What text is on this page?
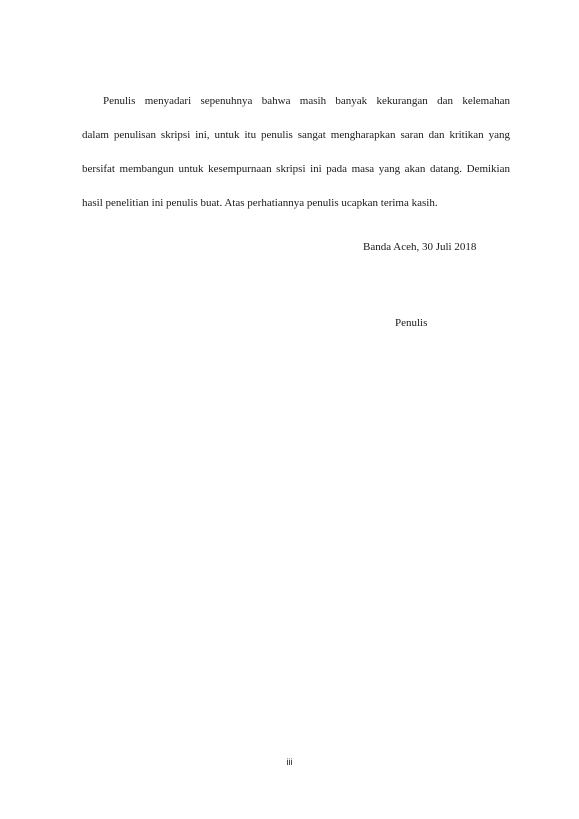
Penulis menyadari sepenuhnya bahwa masih banyak kekurangan dan kelemahan

dalam penulisan skripsi ini, untuk itu penulis sangat mengharapkan saran dan kritikan yang

bersifat membangun untuk kesempurnaan skripsi ini pada masa yang akan datang. Demikian

hasil penelitian ini penulis buat. Atas perhatiannya penulis ucapkan terima kasih.

Banda Aceh, 30 Juli 2018

Penulis

iii
